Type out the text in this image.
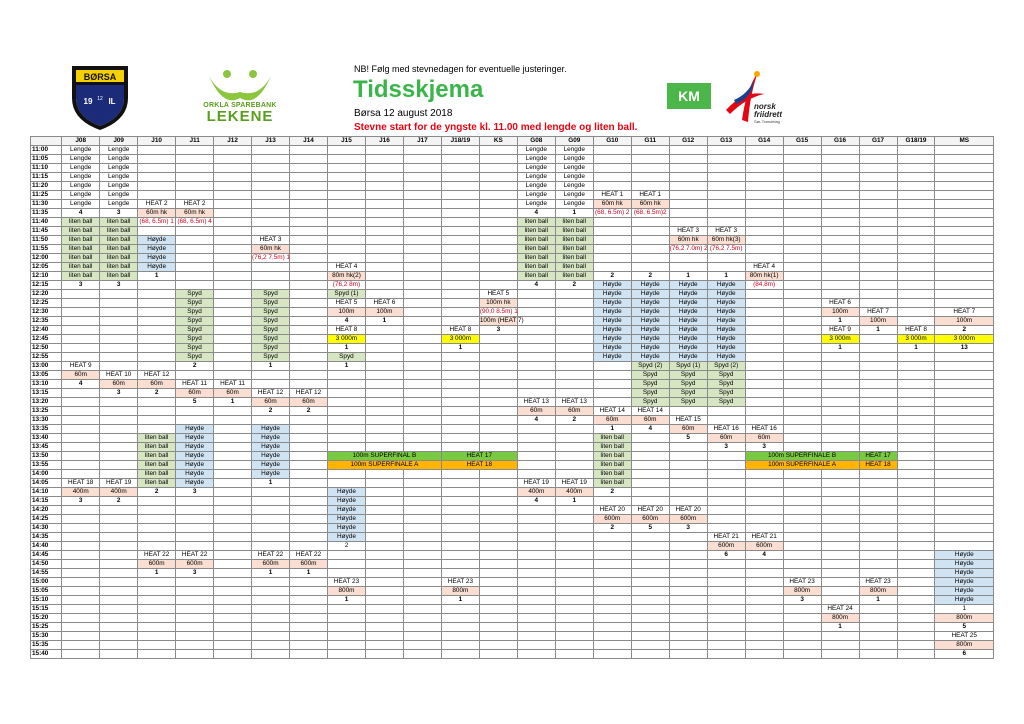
BØRSA
19 12 IL	ORKLA SPAREBANK
LEKENE
NB! Følg med stevnedagen for eventuelle justeringer.
Tidsskjema
Børsa 12 august 2018
Stevne start for de yngste kl. 11.00 med lengde og liten ball.
KM
norsk
friidrett
Sør-Trøndelag
	J08	J09	J10	J11	J12	J13	J14	J15	J16	J17	J18/19	KS	G08	G09	G10	G11	G12	G13	G14	G15	G16	G17	G18/19	MS
11:00	Lengde	Lengde											Lengde	Lengde										
11:05	Lengde	Lengde											Lengde	Lengde										
11:10	Lengde	Lengde											Lengde	Lengde										
11:15	Lengde	Lengde											Lengde	Lengde										
11:20	Lengde	Lengde											Lengde	Lengde										
11:25	Lengde	Lengde											Lengde	Lengde	HEAT 1	HEAT 1								
11:30	Lengde	Lengde	HEAT 2	HEAT 2									Lengde	Lengde	60m hk	60m hk								
11:35	4	3	60m hk	60m hk									4	1	(68, 6.5m) 2	(68, 6.5m)2								
11:40	liten ball	liten ball	(68, 6.5m) 1	(68, 6.5m) 4									liten ball	liten ball										
11:45	liten ball	liten ball											liten ball	liten ball			HEAT 3	HEAT 3						
11:50	liten ball	liten ball	Høyde			HEAT 3							liten ball	liten ball			60m hk	60m hk(3)						
11:55	liten ball	liten ball	Høyde			60m hk							liten ball	liten ball			(76,2 7.0m) 2	(76,2 7.5m)						
12:00	liten ball	liten ball	Høyde			(76,2 7.5m) 1							liten ball	liten ball										
12:05	liten ball	liten ball	Høyde					HEAT 4					liten ball	liten ball					HEAT 4					
12:10	liten ball	liten ball	1					80m hk(2)					liten ball	liten ball	2	2	1	1	80m hk(1)					
12:15	3	3						(76,2 8m)					4	2	Høyde	Høyde	Høyde	Høyde	(84.8m)					
12:20				Spyd		Spyd		Spyd (1)				HEAT 5			Høyde	Høyde	Høyde	Høyde						
12:25				Spyd		Spyd		HEAT 5	HEAT 6			100m hk			Høyde	Høyde	Høyde	Høyde			HEAT 6			
12:30				Spyd		Spyd		100m	100m			(90,0 8.5m) 1			Høyde	Høyde	Høyde	Høyde			100m	HEAT 7		HEAT 7
12:35				Spyd		Spyd		4	1			100m (HEAT 7)			Høyde	Høyde	Høyde	Høyde			1	100m		100m
12:40				Spyd		Spyd		HEAT 8			HEAT 8	3			Høyde	Høyde	Høyde	Høyde			HEAT 9	1	HEAT 8	2
12:45				Spyd		Spyd		3 000m			3 000m				Høyde	Høyde	Høyde	Høyde			3 000m		3 000m	3 000m
12:50				Spyd		Spyd		1			1				Høyde	Høyde	Høyde	Høyde			1		1	13
12:55				Spyd		Spyd		Spyd							Høyde	Høyde	Høyde	Høyde						
13:00	HEAT 9			2		1		1								Spyd (2)	Spyd (1)	Spyd (2)						
13:05	60m	HEAT 10	HEAT 12													Spyd	Spyd	Spyd						
13:10	4	60m	60m	HEAT 11	HEAT 11											Spyd	Spyd	Spyd						
13:15		3	2	60m	60m	HEAT 12	HEAT 12									Spyd	Spyd	Spyd						
13:20				5	1	60m	60m						HEAT 13	HEAT 13		Spyd	Spyd	Spyd						
13:25						2	2						60m	60m	HEAT 14	HEAT 14								
13:30													4	2	60m	60m	HEAT 15							
13:35				Høyde		Høyde									1	4	60m	HEAT 16	HEAT 16					
13:40			liten ball	Høyde		Høyde									liten ball		5	60m	60m					
13:45			liten ball	Høyde		Høyde									liten ball			3	3					
13:50			liten ball	Høyde		Høyde		100m SUPERFINAL B			HEAT 17				liten ball				100m SUPERFINALE B			HEAT 17		
13:55			liten ball	Høyde		Høyde		100m SUPERFINALE A			HEAT 18				liten ball				100m SUPERFINALE A			HEAT 18		
14:00			liten ball	Høyde		Høyde									liten ball									
14:05	HEAT 18	HEAT 19	liten ball	Høyde		1							HEAT 19	HEAT 19	liten ball									
14:10	400m	400m	2	3				Høyde					400m	400m	2									
14:15	3	2						Høyde					4	1										
14:20								Høyde							HEAT 20	HEAT 20	HEAT 20							
14:25								Høyde							600m	600m	600m							
14:30								Høyde							2	5	3							
14:35								Høyde										HEAT 21	HEAT 21					
14:40								2										600m	600m					
14:45			HEAT 22	HEAT 22		HEAT 22	HEAT 22											6	4					Høyde
14:50			600m	600m		600m	600m																	Høyde
14:55			1	3		1	1																	Høyde
15:00								HEAT 23			HEAT 23									HEAT 23		HEAT 23		Høyde
15:05								800m			800m									800m		800m		Høyde
15:10								1			1									3		1		Høyde
15:15																					HEAT 24			1
15:20																					800m			800m
15:25																					1			5
15:30																								HEAT 25
15:35																								800m
15:40																								6
